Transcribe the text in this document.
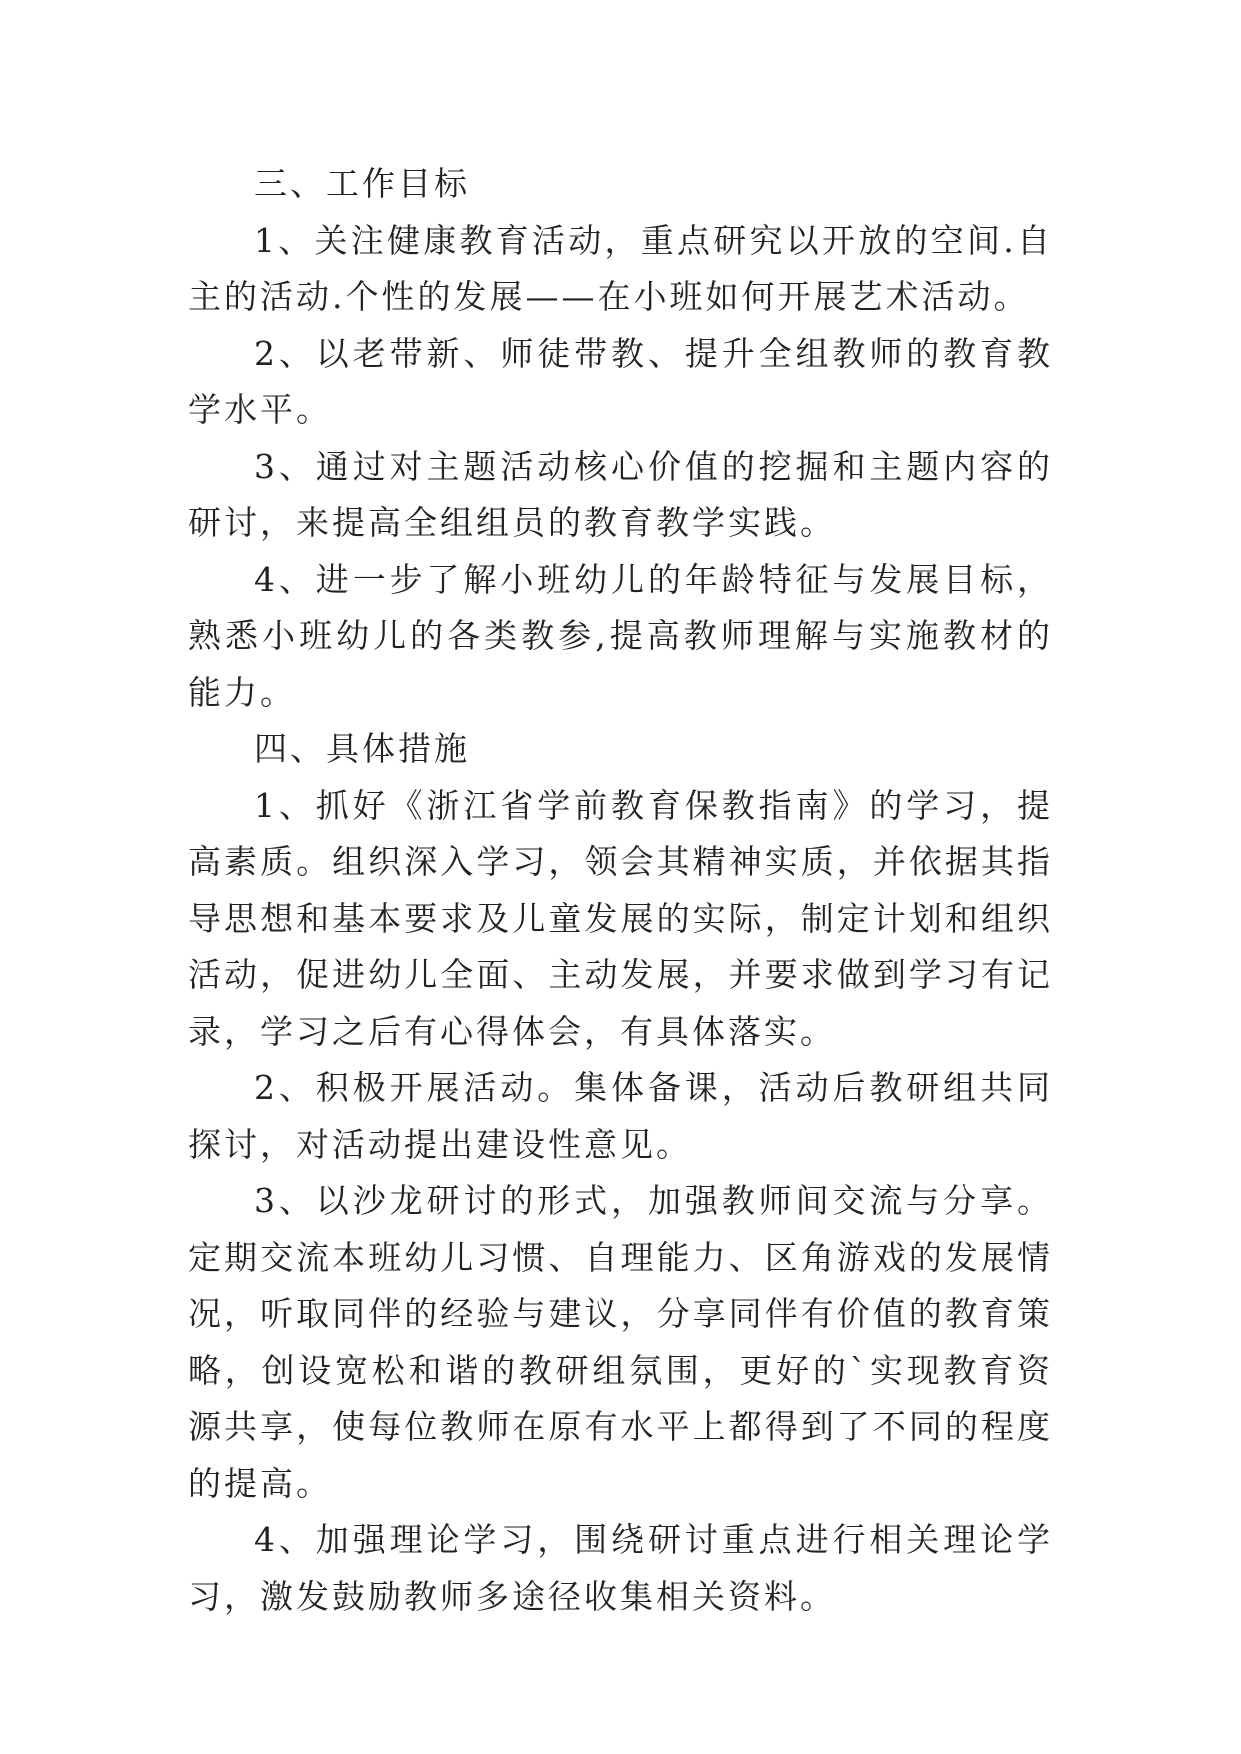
三、工作目标

1、关注健康教育活动，重点研究以开放的空间.自主的活动.个性的发展——在小班如何开展艺术活动。

2、以老带新、师徒带教、提升全组教师的教育教学水平。

3、通过对主题活动核心价值的挖掘和主题内容的研讨，来提高全组组员的教育教学实践。

4、进一步了解小班幼儿的年龄特征与发展目标，熟悉小班幼儿的各类教参,提高教师理解与实施教材的能力。

四、具体措施

1、抓好《浙江省学前教育保教指南》的学习，提高素质。组织深入学习，领会其精神实质，并依据其指导思想和基本要求及儿童发展的实际，制定计划和组织活动，促进幼儿全面、主动发展，并要求做到学习有记录，学习之后有心得体会，有具体落实。

2、积极开展活动。集体备课，活动后教研组共同探讨，对活动提出建设性意见。

3、以沙龙研讨的形式，加强教师间交流与分享。定期交流本班幼儿习惯、自理能力、区角游戏的发展情况，听取同伴的经验与建议，分享同伴有价值的教育策略，创设宽松和谐的教研组氛围，更好的`实现教育资源共享，使每位教师在原有水平上都得到了不同的程度的提高。

4、加强理论学习，围绕研讨重点进行相关理论学习，激发鼓励教师多途径收集相关资料。
